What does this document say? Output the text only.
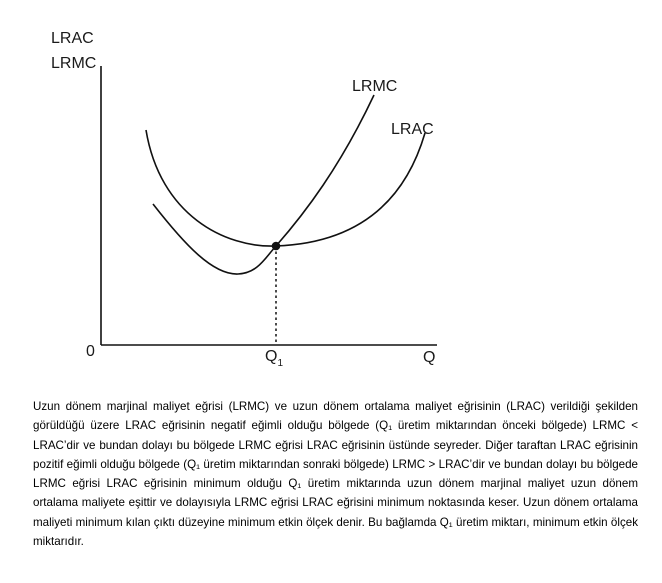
LRAC
LRMC
LRMC
LRAC
0	Q
$Q_1$
Uzun dönem marjinal maliyet eğrisi (LRMC) ve uzun dönem ortalama maliyet eğrisinin (LRAC) verildiği şekilden görüldüğü üzere LRAC eğrisinin negatif eğimli olduğu bölgede (Q₁ üretim miktarından önceki bölgede) LRMC < LRAC’dir ve bundan dolayı bu bölgede LRMC eğrisi LRAC eğrisinin üstünde seyreder. Diğer taraftan LRAC eğrisinin pozitif eğimli olduğu bölgede (Q₁ üretim miktarından sonraki bölgede) LRMC > LRAC’dir ve bundan dolayı bu bölgede LRMC eğrisi LRAC eğrisinin minimum olduğu Q₁ üretim miktarında uzun dönem marjinal maliyet uzun dönem ortalama maliyete eşittir ve dolayısıyla LRMC eğrisi LRAC eğrisini minimum noktasında keser. Uzun dönem ortalama maliyeti minimum kılan çıktı düzeyine minimum etkin ölçek denir. Bu bağlamda Q₁ üretim miktarı, minimum etkin ölçek miktarıdır.
